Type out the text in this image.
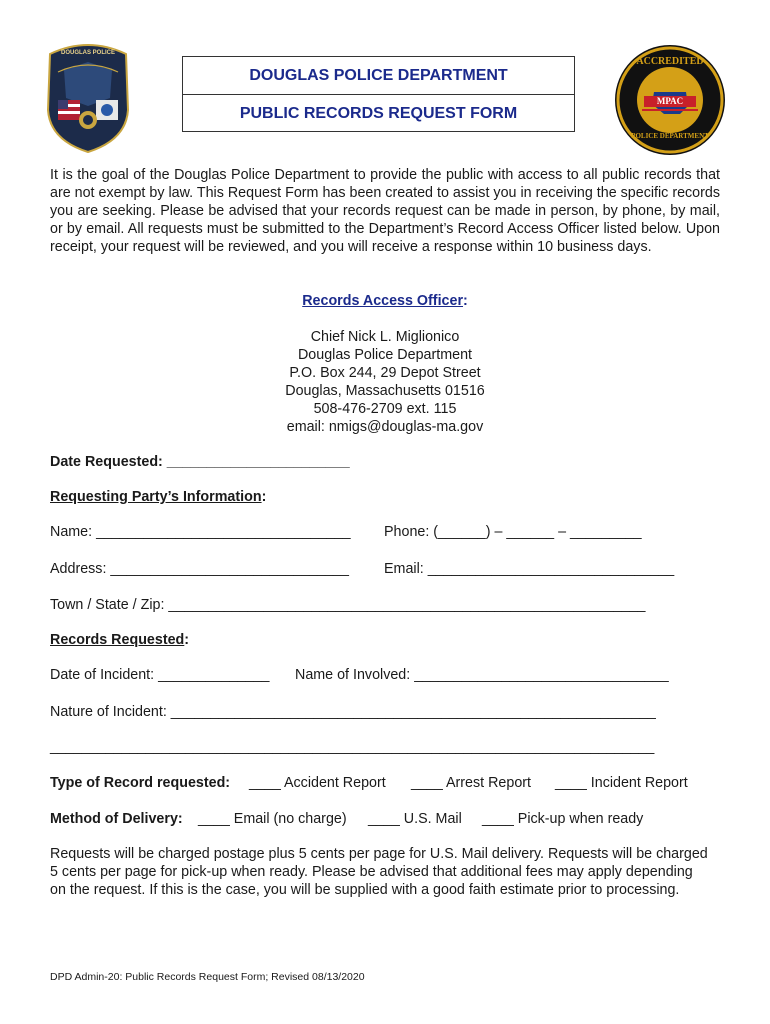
DOUGLAS POLICE
DOUGLAS POLICE DEPARTMENT
PUBLIC RECORDS REQUEST FORM
ACCREDITED
MPAC
POLICE DEPARTMENT

It is the goal of the Douglas Police Department to provide the public with access to all public records that are not exempt by law. This Request Form has been created to assist you in receiving the specific records you are seeking. Please be advised that your records request can be made in person, by phone, by mail, or by email. All requests must be submitted to the Department’s Record Access Officer listed below. Upon receipt, your request will be reviewed, and you will receive a response within 10 business days.

Records Access Officer:
Chief Nick L. Miglionico
Douglas Police Department
P.O. Box 244, 29 Depot Street
Douglas, Massachusetts 01516
508-476-2709 ext. 115
email: nmigs@douglas-ma.gov
Date Requested: _______________________
Requesting Party’s Information:
Name: ________________________________ Phone: (______) – ______ – _________
Address: ______________________________ Email: _______________________________
Town / State / Zip: ____________________________________________________________
Records Requested:
Date of Incident: ______________ Name of Involved: ________________________________
Nature of Incident: _____________________________________________________________
____________________________________________________________________________
Type of Record requested: ____ Accident Report ____ Arrest Report ____ Incident Report
Method of Delivery: ____ Email (no charge) ____ U.S. Mail ____ Pick-up when ready

Requests will be charged postage plus 5 cents per page for U.S. Mail delivery. Requests will be charged 5 cents per page for pick-up when ready. Please be advised that additional fees may apply depending on the request. If this is the case, you will be supplied with a good faith estimate prior to processing.

DPD Admin-20: Public Records Request Form; Revised 08/13/2020
